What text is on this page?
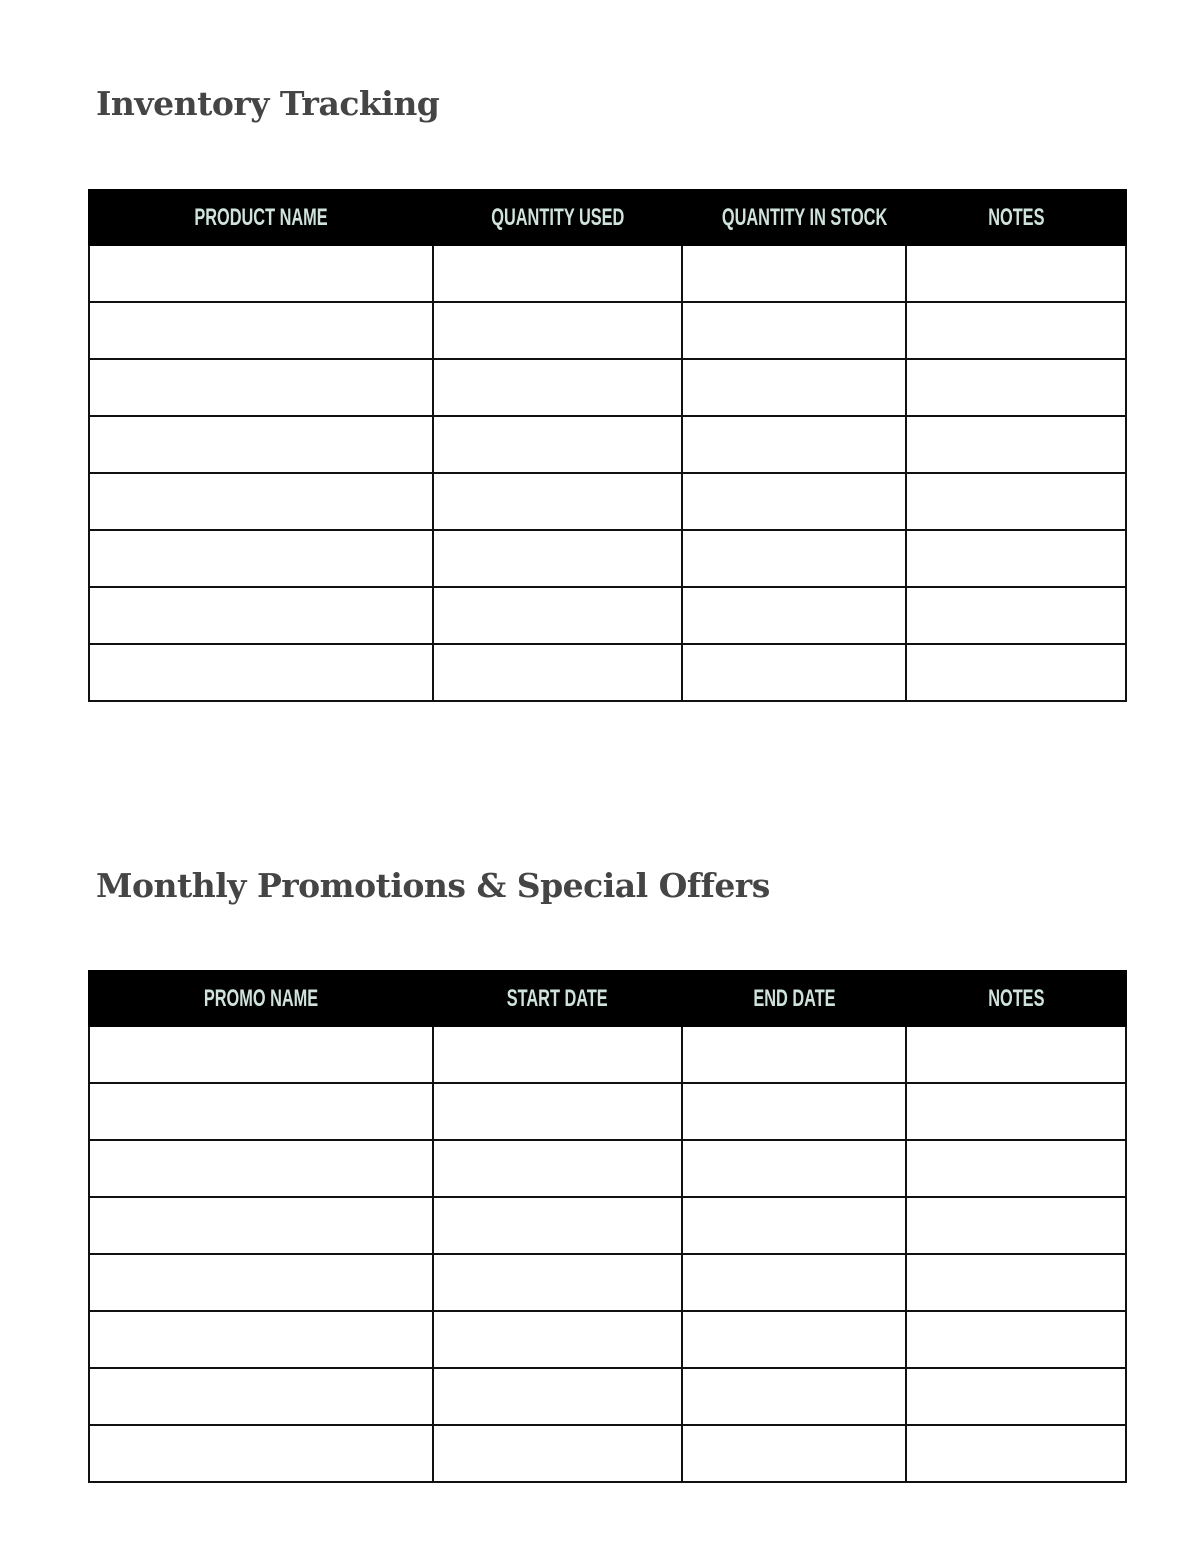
Inventory Tracking
PRODUCT NAME	QUANTITY USED	QUANTITY IN STOCK	NOTES

Monthly Promotions & Special Offers
PROMO NAME	START DATE	END DATE	NOTES
